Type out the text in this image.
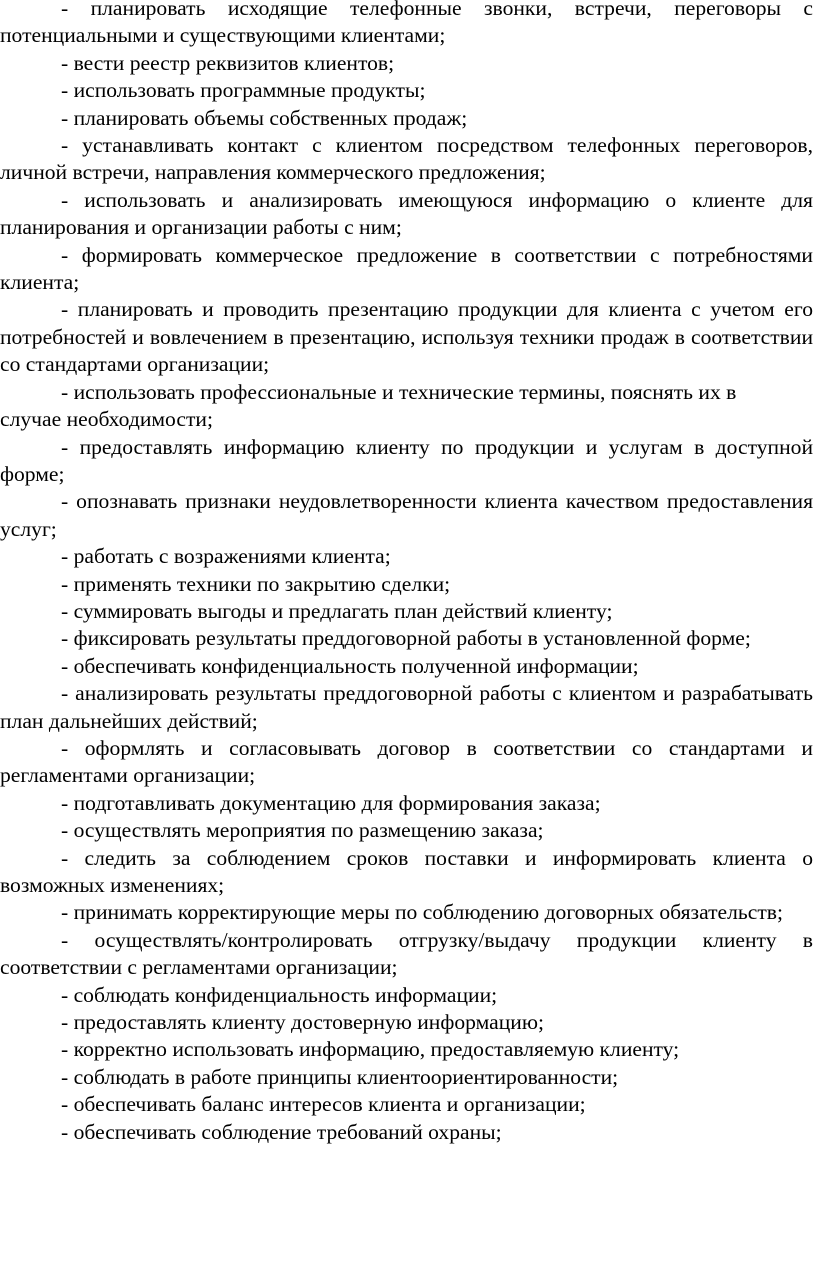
- планировать исходящие телефонные звонки, встречи, переговоры с потенциальными и существующими клиентами;

- вести реестр реквизитов клиентов;

- использовать программные продукты;

- планировать объемы собственных продаж;

- устанавливать контакт с клиентом посредством телефонных переговоров, личной встречи, направления коммерческого предложения;

- использовать и анализировать имеющуюся информацию о клиенте для планирования и организации работы с ним;

- формировать коммерческое предложение в соответствии с потребностями клиента;

- планировать и проводить презентацию продукции для клиента с учетом его потребностей и вовлечением в презентацию, используя техники продаж в соответствии со стандартами организации;

- использовать профессиональные и технические термины, пояснять их в

случае необходимости;

- предоставлять информацию клиенту по продукции и услугам в доступной форме;

- опознавать признаки неудовлетворенности клиента качеством предоставления услуг;

- работать с возражениями клиента;

- применять техники по закрытию сделки;

- суммировать выгоды и предлагать план действий клиенту;

- фиксировать результаты преддоговорной работы в установленной форме;

- обеспечивать конфиденциальность полученной информации;

- анализировать результаты преддоговорной работы с клиентом и разрабатывать план дальнейших действий;

- оформлять и согласовывать договор в соответствии со стандартами и регламентами организации;

- подготавливать документацию для формирования заказа;

- осуществлять мероприятия по размещению заказа;

- следить за соблюдением сроков поставки и информировать клиента о возможных изменениях;

- принимать корректирующие меры по соблюдению договорных обязательств;

- осуществлять/контролировать отгрузку/выдачу продукции клиенту в соответствии с регламентами организации;

- соблюдать конфиденциальность информации;

- предоставлять клиенту достоверную информацию;

- корректно использовать информацию, предоставляемую клиенту;

- соблюдать в работе принципы клиентоориентированности;

- обеспечивать баланс интересов клиента и организации;

- обеспечивать соблюдение требований охраны;
